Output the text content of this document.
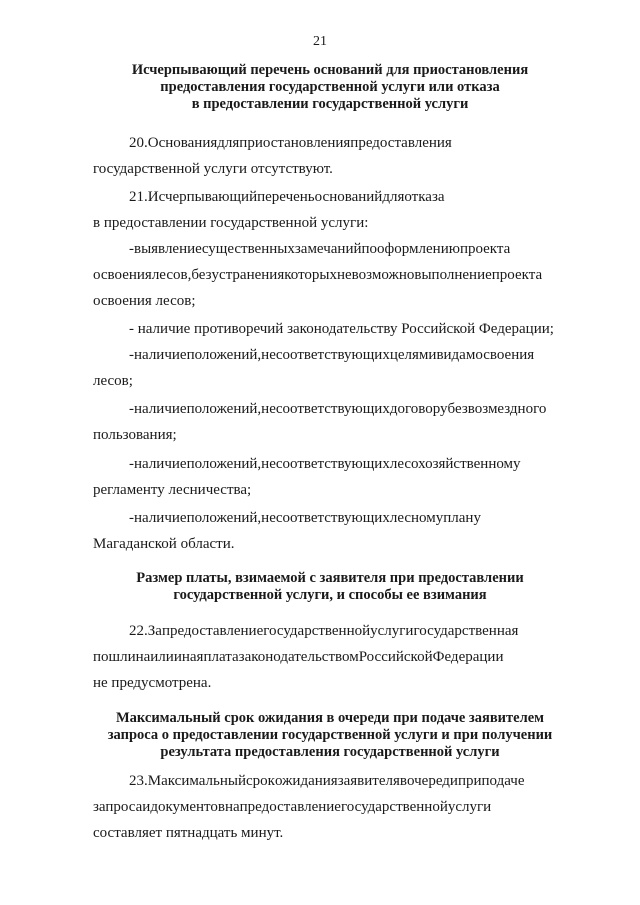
21
Исчерпывающий перечень оснований для приостановления
предоставления государственной услуги или отказа
в предоставлении государственной услуги
20.Основаниядляприостановленияпредоставления
государственной услуги отсутствуют.
21.Исчерпывающийпереченьоснованийдляотказа
в предоставлении государственной услуги:
-выявлениесущественныхзамечанийпооформлениюпроекта
освоениялесов,безустранениякоторыхневозможновыполнениепроекта
освоения лесов;
- наличие противоречий законодательству Российской Федерации;
-наличиеположений,несоответствующихцелямивидамосвоения
лесов;
-наличиеположений,несоответствующихдоговорубезвозмездного
пользования;
-наличиеположений,несоответствующихлесохозяйственному
регламенту лесничества;
-наличиеположений,несоответствующихлесномуплану
Магаданской области.
Размер платы, взимаемой с заявителя при предоставлении
государственной услуги, и способы ее взимания
22.Запредоставлениегосударственнойуслугигосударственная
пошлинаилиинаяплатазаконодательствомРоссийскойФедерации
не предусмотрена.
Максимальный срок ожидания в очереди при подаче заявителем
запроса о предоставлении государственной услуги и при получении
результата предоставления государственной услуги
23.Максимальныйсрокожиданиязаявителявочередиприподаче
запросаидокументовнапредоставлениегосударственнойуслуги
составляет пятнадцать минут.
